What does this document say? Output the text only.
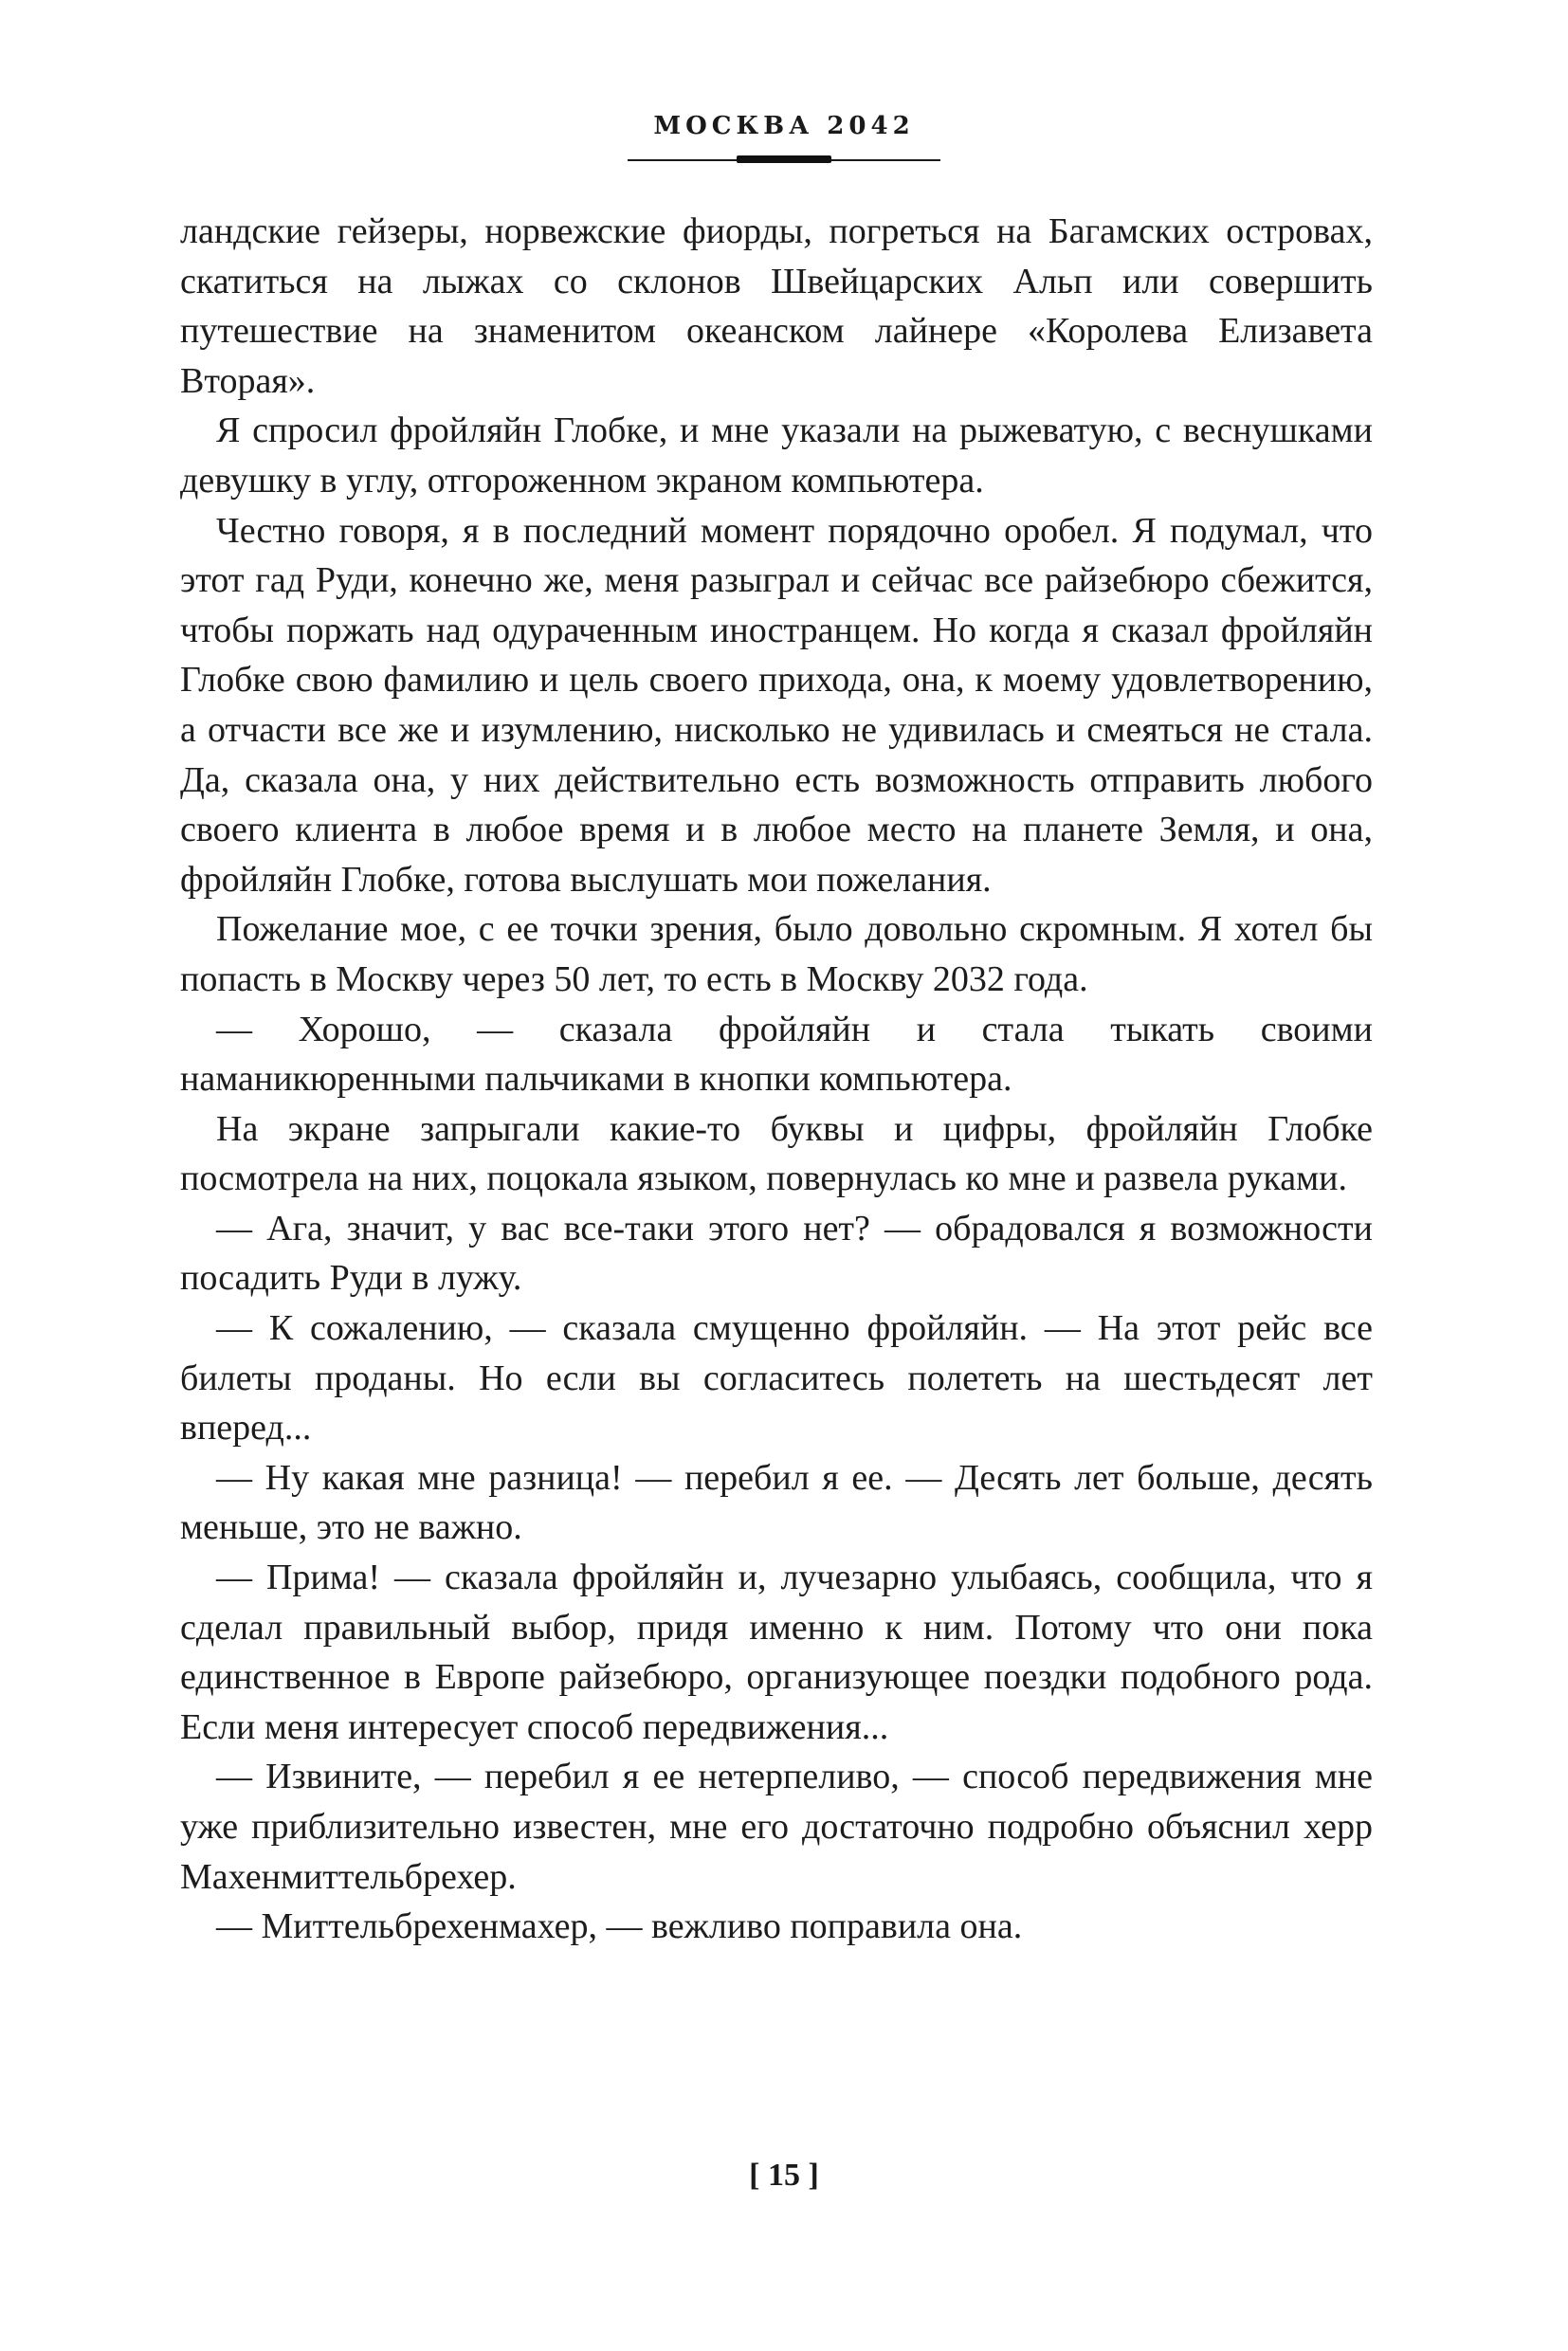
МОСКВА 2042

ландские гейзеры, норвежские фиорды, погреться на Багамских островах, скатиться на лыжах со склонов Швейцарских Альп или совершить путешествие на знаменитом океанском лайнере «Королева Елизавета Вторая».

Я спросил фройляйн Глобке, и мне указали на рыжеватую, с веснушками девушку в углу, отгороженном экраном компьютера.

Честно говоря, я в последний момент порядочно оробел. Я подумал, что этот гад Руди, конечно же, меня разыграл и сейчас все райзебюро сбежится, чтобы поржать над одураченным иностранцем. Но когда я сказал фройляйн Глобке свою фамилию и цель своего прихода, она, к моему удовлетворению, а отчасти все же и изумлению, нисколько не удивилась и смеяться не стала. Да, сказала она, у них действительно есть возможность отправить любого своего клиента в любое время и в любое место на планете Земля, и она, фройляйн Глобке, готова выслушать мои пожелания.

Пожелание мое, с ее точки зрения, было довольно скромным. Я хотел бы попасть в Москву через 50 лет, то есть в Москву 2032 года.

— Хорошо, — сказала фройляйн и стала тыкать своими наманикюренными пальчиками в кнопки компьютера.

На экране запрыгали какие-то буквы и цифры, фройляйн Глобке посмотрела на них, поцокала языком, повернулась ко мне и развела руками.

— Ага, значит, у вас все-таки этого нет? — обрадовался я возможности посадить Руди в лужу.

— К сожалению, — сказала смущенно фройляйн. — На этот рейс все билеты проданы. Но если вы согласитесь полететь на шестьдесят лет вперед...

— Ну какая мне разница! — перебил я ее. — Десять лет больше, десять меньше, это не важно.

— Прима! — сказала фройляйн и, лучезарно улыбаясь, сообщила, что я сделал правильный выбор, придя именно к ним. Потому что они пока единственное в Европе райзебюро, организующее поездки подобного рода. Если меня интересует способ передвижения...

— Извините, — перебил я ее нетерпеливо, — способ передвижения мне уже приблизительно известен, мне его достаточно подробно объяснил херр Махенмиттельбрехер.

— Миттельбрехенмахер, — вежливо поправила она.

[ 15 ]
